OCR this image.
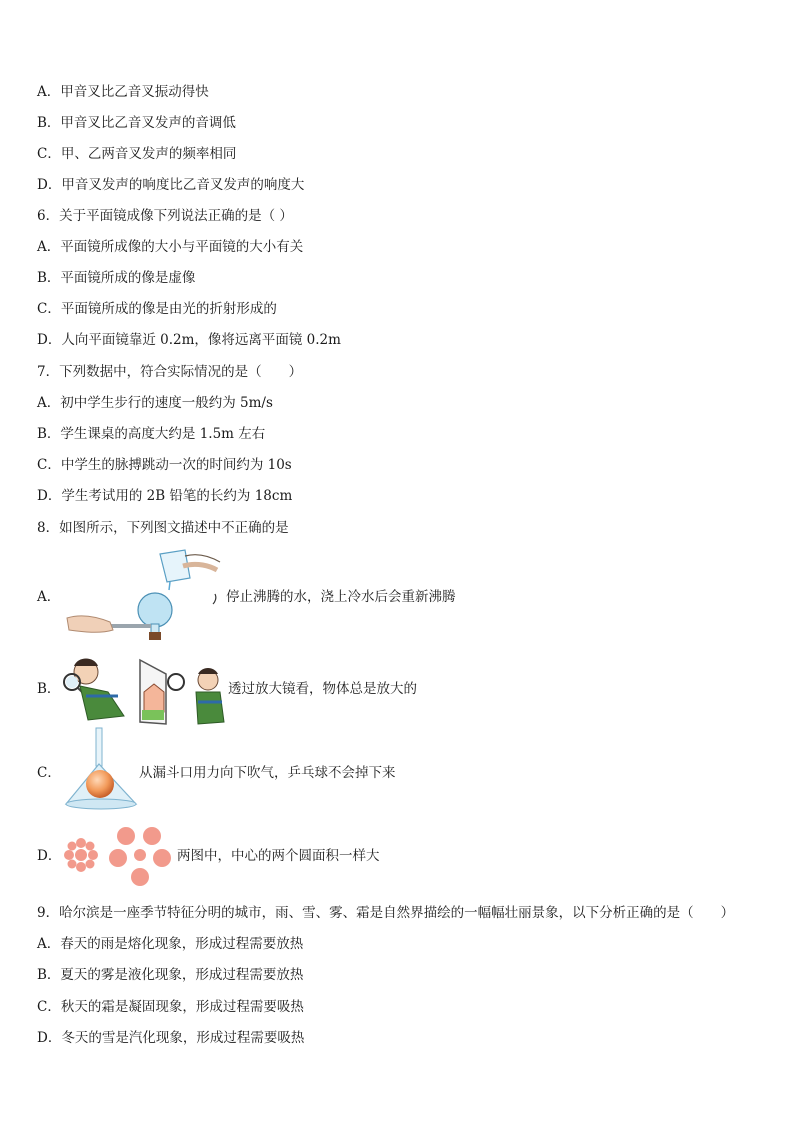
A．甲音叉比乙音叉振动得快
B．甲音叉比乙音叉发声的音调低
C．甲、乙两音叉发声的频率相同
D．甲音叉发声的响度比乙音叉发声的响度大
6．关于平面镜成像下列说法正确的是（ ）
A．平面镜所成像的大小与平面镜的大小有关
B．平面镜所成的像是虚像
C．平面镜所成的像是由光的折射形成的
D．人向平面镜靠近 0.2m，像将远离平面镜 0.2m
7．下列数据中，符合实际情况的是（　　）
A．初中学生步行的速度一般约为 5m/s
B．学生课桌的高度大约是 1.5m 左右
C．中学生的脉搏跳动一次的时间约为 10s
D．学生考试用的 2B 铅笔的长约为 18cm
8．如图所示，下列图文描述中不正确的是
A．	停止沸腾的水，浇上冷水后会重新沸腾
B．	透过放大镜看，物体总是放大的
C．	从漏斗口用力向下吹气，乒乓球不会掉下来
D．	两图中，中心的两个圆面积一样大
9．哈尔滨是一座季节特征分明的城市，雨、雪、雾、霜是自然界描绘的一幅幅壮丽景象，以下分析正确的是（　　）
A．春天的雨是熔化现象，形成过程需要放热
B．夏天的雾是液化现象，形成过程需要放热
C．秋天的霜是凝固现象，形成过程需要吸热
D．冬天的雪是汽化现象，形成过程需要吸热
